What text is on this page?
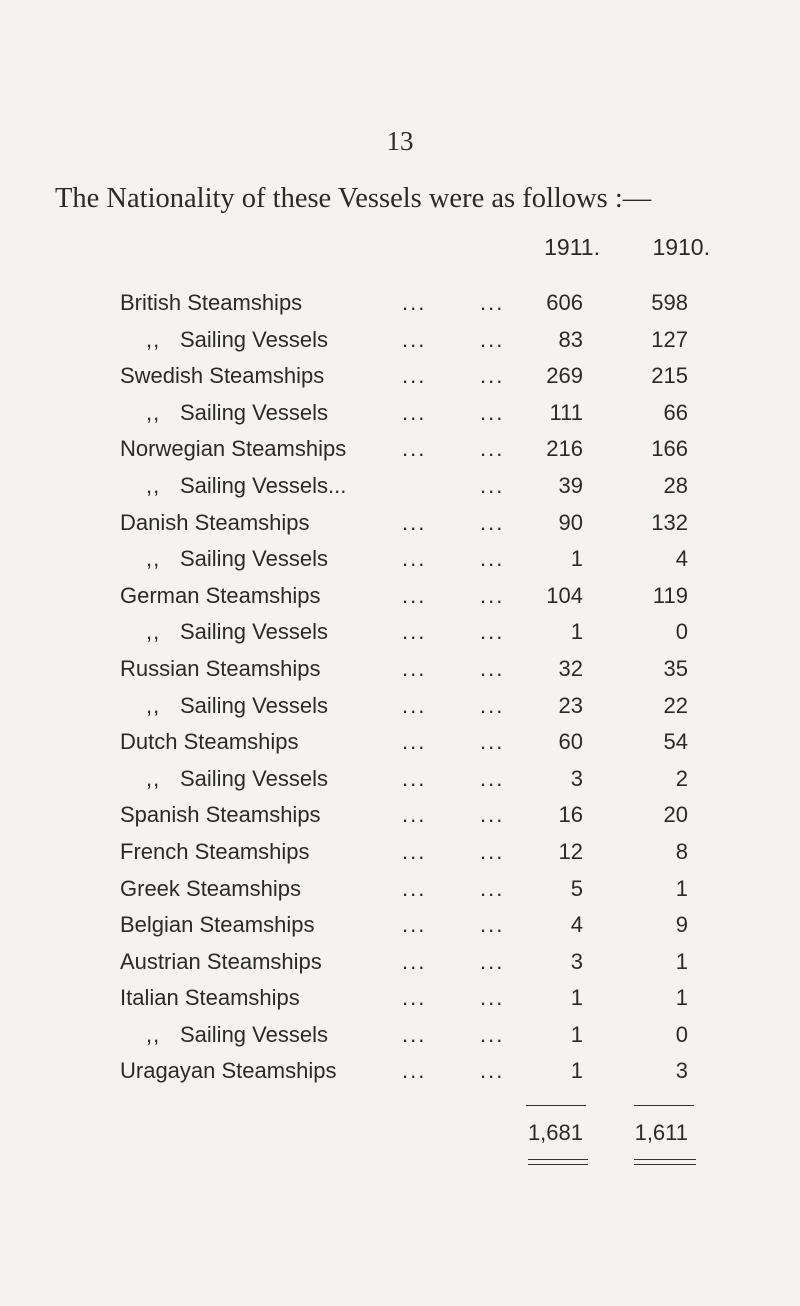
13
The Nationality of these Vessels were as follows :—
1911.	1910.
British Steamships	... ...	606	598
,, Sailing Vessels	... ...	83	127
Swedish Steamships	... ...	269	215
,, Sailing Vessels	... ...	111	66
Norwegian Steamships	... ...	216	166
,, Sailing Vessels...	...	39	28
Danish Steamships	... ...	90	132
,, Sailing Vessels	... ...	1	4
German Steamships	... ...	104	119
,, Sailing Vessels	... ...	1	0
Russian Steamships	... ...	32	35
,, Sailing Vessels	... ...	23	22
Dutch Steamships	... ...	60	54
,, Sailing Vessels	... ...	3	2
Spanish Steamships	... ...	16	20
French Steamships	... ...	12	8
Greek Steamships	... ...	5	1
Belgian Steamships	... ...	4	9
Austrian Steamships	... ...	3	1
Italian Steamships	... ...	1	1
,, Sailing Vessels	... ...	1	0
Uragayan Steamships	... ...	1	3
1,681	1,611
